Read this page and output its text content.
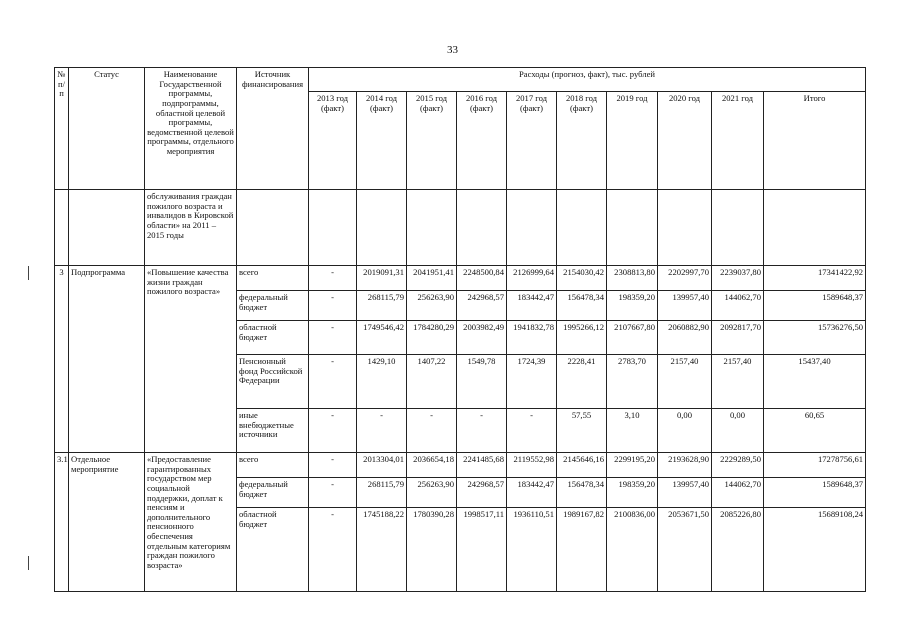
33
№ п/п	Статус	Наименование Государственной программы, подпрограммы, областной целевой программы, ведомственной целевой программы, отдельного мероприятия	Источник финансирования	Расходы (прогноз, факт), тыс. рублей									
				2013 год (факт)	2014 год (факт)	2015 год (факт)	2016 год (факт)	2017 год (факт)	2018 год (факт)	2019 год	2020 год	2021 год	Итого
		обслуживания граждан пожилого возраста и инвалидов в Кировской области» на 2011 – 2015 годы											
3	Подпрограмма	«Повышение качества жизни граждан пожилого возраста»	всего	-	2019091,31	2041951,41	2248500,84	2126999,64	2154030,42	2308813,80	2202997,70	2239037,80	17341422,92
			федеральный бюджет	-	268115,79	256263,90	242968,57	183442,47	156478,34	198359,20	139957,40	144062,70	1589648,37
			областной бюджет	-	1749546,42	1784280,29	2003982,49	1941832,78	1995266,12	2107667,80	2060882,90	2092817,70	15736276,50
			Пенсионный фонд Российской Федерации	-	1429,10	1407,22	1549,78	1724,39	2228,41	2783,70	2157,40	2157,40	15437,40
			иные внебюджетные источники	-	-	-	-	-	57,55	3,10	0,00	0,00	60,65
3.1	Отдельное мероприятие	«Предоставление гарантированных государством мер социальной поддержки, доплат к пенсиям и дополнительного пенсионного обеспечения отдельным категориям граждан пожилого возраста»	всего	-	2013304,01	2036654,18	2241485,68	2119552,98	2145646,16	2299195,20	2193628,90	2229289,50	17278756,61
			федеральный бюджет	-	268115,79	256263,90	242968,57	183442,47	156478,34	198359,20	139957,40	144062,70	1589648,37
			областной бюджет	-	1745188,22	1780390,28	1998517,11	1936110,51	1989167,82	2100836,00	2053671,50	2085226,80	15689108,24
